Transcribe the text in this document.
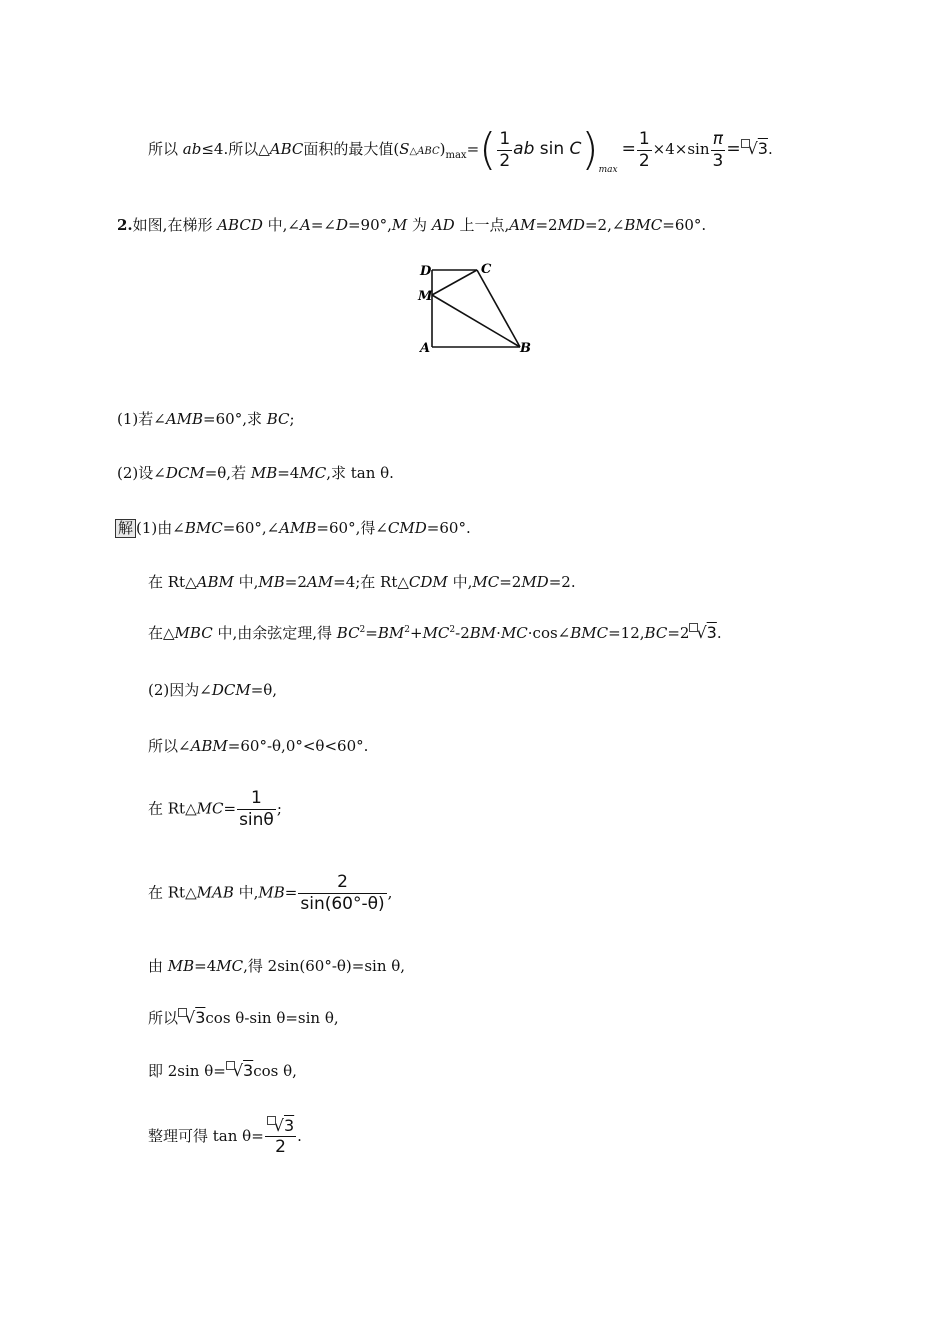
所以 ab≤4.所以△ABC面积的最大值$(S\triangle ABC)_{max}=( \frac{1}{2}$ ab $\sin C)_{max}= \frac{1}{2} \times 4\times\sin \frac{\pi}{3} = √3$.
2.如图,在梯形 ABCD 中,∠A=∠D=90°,M 为 AD 上一点,AM=2MD=2,∠BMC=60°.
D	C
M
A	B
(1)若∠AMB=60°,求 BC;
(2)设∠DCM=θ,若 MB=4MC,求 tan θ.
解 (1)由∠BMC=60°,∠AMB=60°,得∠CMD=60°.
在 Rt△ABM 中,MB=2AM=4;在 Rt△CDM 中,MC=2MD=2.
在△MBC 中,由余弦定理,得 $BC^2=BM^2+MC^2-2BM\cdot MC\cdot\cos\angle BMC=12,BC=2$ √3.
(2)因为∠DCM=θ,
所以∠ABM=60°-θ,0°<θ<60°.
在 Rt△MC= $\frac{1}{\sin\theta}$ ;
在 Rt△MAB 中$,MB= \frac{2}{\sin(60^\circ-\theta)}$ ,
由 MB=4MC,得 2sin(60°-θ)=sin θ,
所以 √3cos θ-sin θ=sin θ,
即 2sin θ= √3cos θ,
整理可得 $\tan \theta= \frac{√3}{2}$ .
